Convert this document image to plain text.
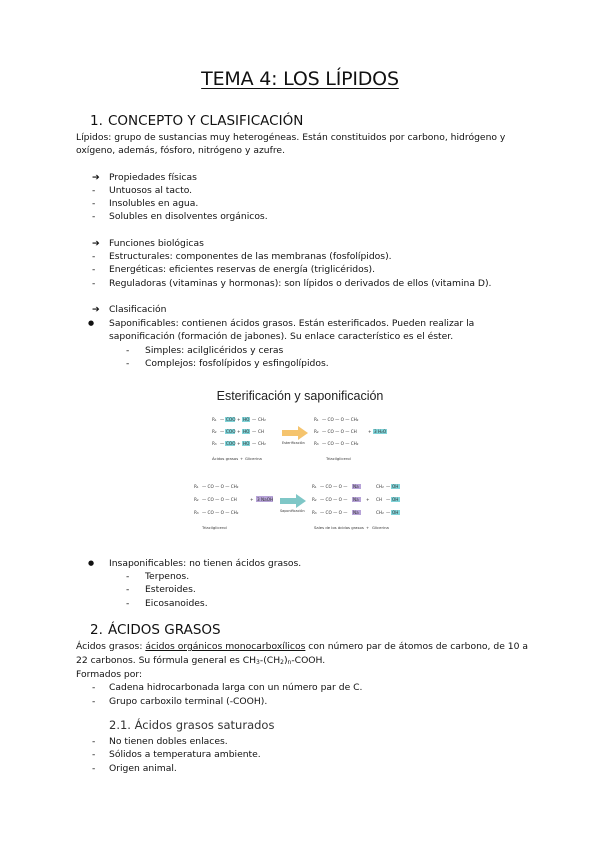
TEMA 4: LOS LÍPIDOS
1. CONCEPTO Y CLASIFICACIÓN
Lípidos: grupo de sustancias muy heterogéneas. Están constituidos por carbono, hidrógeno y
oxígeno, además, fósforo, nitrógeno y azufre.
➔ Propiedades físicas
- Untuosos al tacto.
- Insolubles en agua.
- Solubles en disolventes orgánicos.
➔ Funciones biológicas
- Estructurales: componentes de las membranas (fosfolípidos).
- Energéticas: eficientes reservas de energía (triglicéridos).
- Reguladoras (vitaminas y hormonas): son lípidos o derivados de ellos (vitamina D).
➔ Clasificación
● Saponificables: contienen ácidos grasos. Están esterificados. Pueden realizar la
saponificación (formación de jabones). Su enlace característico es el éster.
- Simples: acilglicéridos y ceras
- Complejos: fosfolípidos y esfingolípidos.
Esterificación y saponificación
R₁ — COO + HO — CH₂
R₂ — COO + HO — CH
R₃ — COO + HO — CH₂
Ácidos grasos + Glicerina
Esterificación
R₁ — CO — O — CH₂
R₂ — CO — O — CH
R₃ — CO — O — CH₂
+ 3 H₂O
Triacilglicerol
R₁ — CO — O — CH₂
R₂ — CO — O — CH
R₃ — CO — O — CH₂
+ 3 NaOH
Triacilglicerol
Saponificación
R₁ — CO — O — Na
R₂ — CO — O — Na
R₃ — CO — O — Na
+
CH₂ — OH
CH — OH
CH₂ — OH
Sales de los ácidos grasos + Glicerina
● Insaponificables: no tienen ácidos grasos.
- Terpenos.
- Esteroides.
- Eicosanoides.
2. ÁCIDOS GRASOS
Ácidos grasos: ácidos orgánicos monocarboxílicos con número par de átomos de carbono, de 10 a
22 carbonos. Su fórmula general es $CH_3-(CH_2)_n$-COOH.
Formados por:
- Cadena hidrocarbonada larga con un número par de C.
- Grupo carboxilo terminal (-COOH).
2.1. Ácidos grasos saturados
- No tienen dobles enlaces.
- Sólidos a temperatura ambiente.
- Origen animal.
